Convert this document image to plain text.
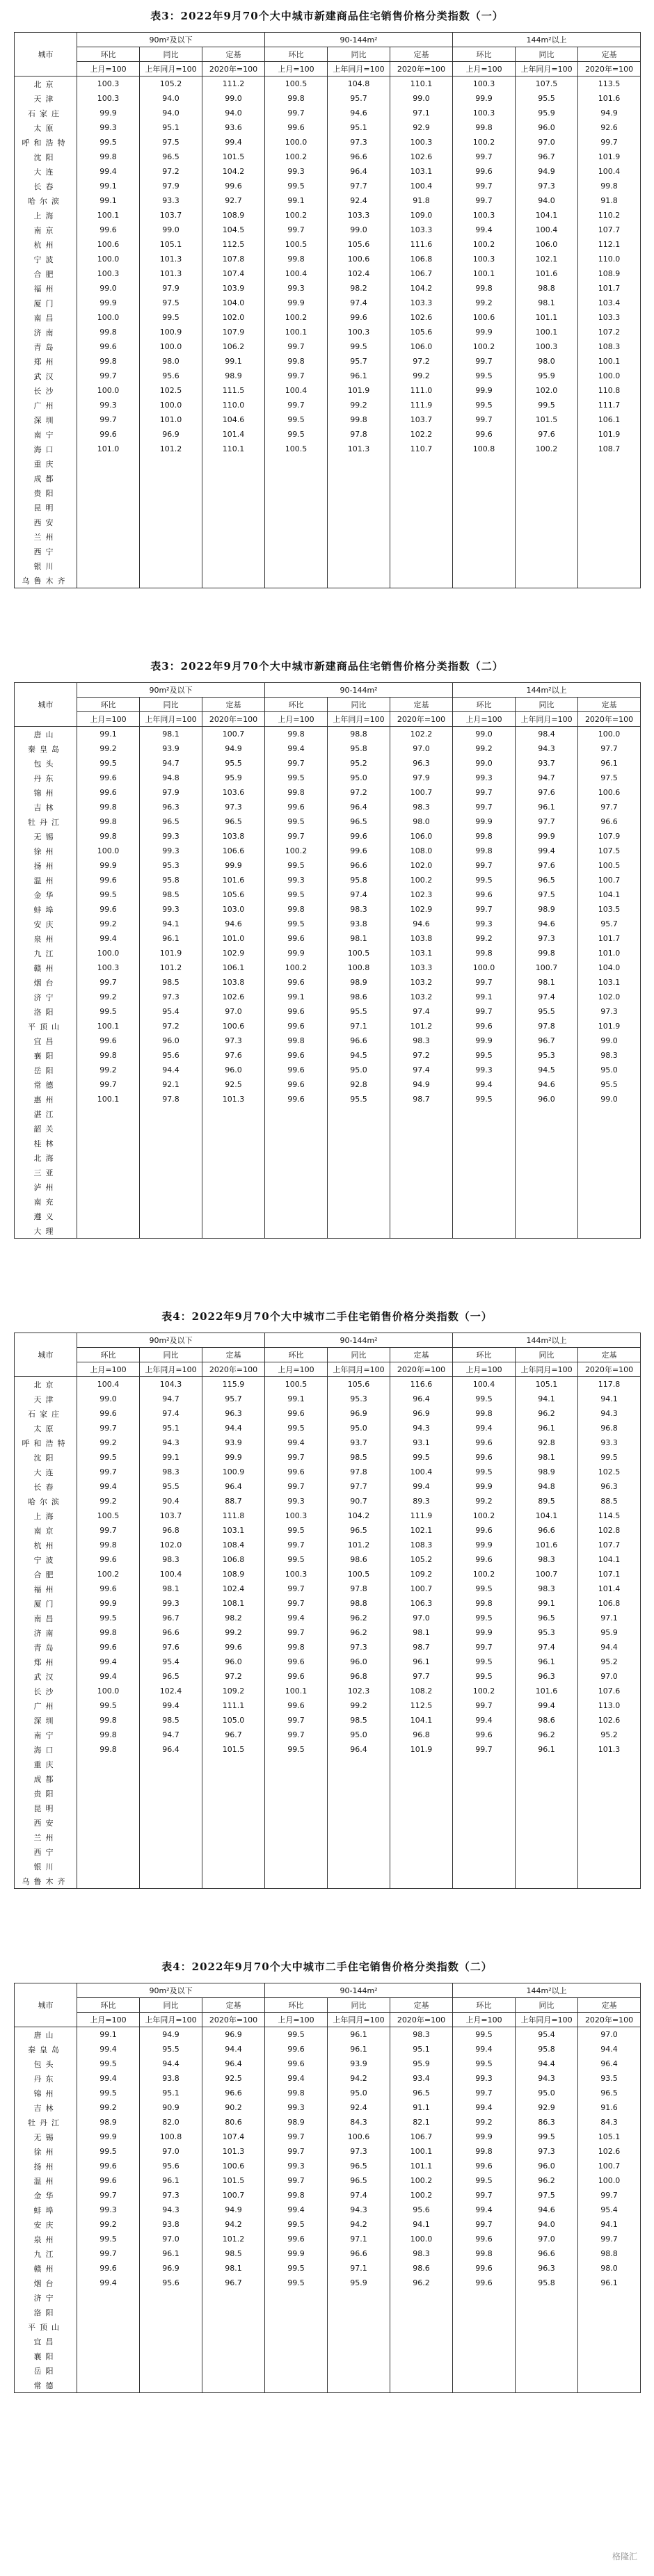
表3：2022年9月70个大中城市新建商品住宅销售价格分类指数（一）
城市	90m²及以下			90-144m²			144m²以上		
	环比	同比	定基	环比	同比	定基	环比	同比	定基
	上月=100	上年同月=100	2020年=100	上月=100	上年同月=100	2020年=100	上月=100	上年同月=100	2020年=100
北京	100.3	105.2	111.2	100.5	104.8	110.1	100.3	107.5	113.5
天津	100.3	94.0	99.0	99.8	95.7	99.0	99.9	95.5	101.6
石家庄	99.9	94.0	94.0	99.7	94.6	97.1	100.3	95.9	94.9
太原	99.3	95.1	93.6	99.6	95.1	92.9	99.8	96.0	92.6
呼和浩特	99.5	97.5	99.4	100.0	97.3	100.3	100.2	97.0	99.7
沈阳	99.8	96.5	101.5	100.2	96.6	102.6	99.7	96.7	101.9
大连	99.4	97.2	104.2	99.3	96.4	103.1	99.6	94.9	100.4
长春	99.1	97.9	99.6	99.5	97.7	100.4	99.7	97.3	99.8
哈尔滨	99.1	93.3	92.7	99.1	92.4	91.8	99.7	94.0	91.8
上海	100.1	103.7	108.9	100.2	103.3	109.0	100.3	104.1	110.2
南京	99.6	99.0	104.5	99.7	99.0	103.3	99.4	100.4	107.7
杭州	100.6	105.1	112.5	100.5	105.6	111.6	100.2	106.0	112.1
宁波	100.0	101.3	107.8	99.8	100.6	106.8	100.3	102.1	110.0
合肥	100.3	101.3	107.4	100.4	102.4	106.7	100.1	101.6	108.9
福州	99.0	97.9	103.9	99.3	98.2	104.2	99.8	98.8	101.7
厦门	99.9	97.5	104.0	99.9	97.4	103.3	99.2	98.1	103.4
南昌	100.0	99.5	102.0	100.2	99.6	102.6	100.6	101.1	103.3
济南	99.8	100.9	107.9	100.1	100.3	105.6	99.9	100.1	107.2
青岛	99.6	100.0	106.2	99.7	99.5	106.0	100.2	100.3	108.3
郑州	99.8	98.0	99.1	99.8	95.7	97.2	99.7	98.0	100.1
武汉	99.7	95.6	98.9	99.7	96.1	99.2	99.5	95.9	100.0
长沙	100.0	102.5	111.5	100.4	101.9	111.0	99.9	102.0	110.8
广州	99.3	100.0	110.0	99.7	99.2	111.9	99.5	99.5	111.7
深圳	99.7	101.0	104.6	99.5	99.8	103.7	99.7	101.5	106.1
南宁	99.6	96.9	101.4	99.5	97.8	102.2	99.6	97.6	101.9
海口	101.0	101.2	110.1	100.5	101.3	110.7	100.8	100.2	108.7
重庆									
成都									
贵阳									
昆明									
西安									
兰州									
西宁									
银川									
乌鲁木齐									
表3：2022年9月70个大中城市新建商品住宅销售价格分类指数（二）
城市	90m²及以下			90-144m²			144m²以上		
	环比	同比	定基	环比	同比	定基	环比	同比	定基
	上月=100	上年同月=100	2020年=100	上月=100	上年同月=100	2020年=100	上月=100	上年同月=100	2020年=100
唐山	99.1	98.1	100.7	99.8	98.8	102.2	99.0	98.4	100.0
秦皇岛	99.2	93.9	94.9	99.4	95.8	97.0	99.2	94.3	97.7
包头	99.5	94.7	95.5	99.7	95.2	96.3	99.0	93.7	96.1
丹东	99.6	94.8	95.9	99.5	95.0	97.9	99.3	94.7	97.5
锦州	99.6	97.9	103.6	99.8	97.2	100.7	99.7	97.6	100.6
吉林	99.8	96.3	97.3	99.6	96.4	98.3	99.7	96.1	97.7
牡丹江	99.8	96.5	96.5	99.5	96.5	98.0	99.9	97.7	96.6
无锡	99.8	99.3	103.8	99.7	99.6	106.0	99.8	99.9	107.9
徐州	100.0	99.3	106.6	100.2	99.6	108.0	99.8	99.4	107.5
扬州	99.9	95.3	99.9	99.5	96.6	102.0	99.7	97.6	100.5
温州	99.6	95.8	101.6	99.3	95.8	100.2	99.5	96.5	100.7
金华	99.5	98.5	105.6	99.5	97.4	102.3	99.6	97.5	104.1
蚌埠	99.6	99.3	103.0	99.8	98.3	102.9	99.7	98.9	103.5
安庆	99.2	94.1	94.6	99.5	93.8	94.6	99.3	94.6	95.7
泉州	99.4	96.1	101.0	99.6	98.1	103.8	99.2	97.3	101.7
九江	100.0	101.9	102.9	99.9	100.5	103.1	99.8	99.8	101.0
赣州	100.3	101.2	106.1	100.2	100.8	103.3	100.0	100.7	104.0
烟台	99.7	98.5	103.8	99.6	98.9	103.2	99.7	98.1	103.1
济宁	99.2	97.3	102.6	99.1	98.6	103.2	99.1	97.4	102.0
洛阳	99.5	95.4	97.0	99.6	95.5	97.4	99.7	95.5	97.3
平顶山	100.1	97.2	100.6	99.6	97.1	101.2	99.6	97.8	101.9
宜昌	99.6	96.0	97.3	99.8	96.6	98.3	99.9	96.7	99.0
襄阳	99.8	95.6	97.6	99.6	94.5	97.2	99.5	95.3	98.3
岳阳	99.2	94.4	96.0	99.6	95.0	97.4	99.3	94.5	95.0
常德	99.7	92.1	92.5	99.6	92.8	94.9	99.4	94.6	95.5
惠州	100.1	97.8	101.3	99.6	95.5	98.7	99.5	96.0	99.0
湛江									
韶关									
桂林									
北海									
三亚									
泸州									
南充									
遵义									
大理									
表4：2022年9月70个大中城市二手住宅销售价格分类指数（一）
城市	90m²及以下			90-144m²			144m²以上		
	环比	同比	定基	环比	同比	定基	环比	同比	定基
	上月=100	上年同月=100	2020年=100	上月=100	上年同月=100	2020年=100	上月=100	上年同月=100	2020年=100
北京	100.4	104.3	115.9	100.5	105.6	116.6	100.4	105.1	117.8
天津	99.0	94.7	95.7	99.1	95.3	96.4	99.5	94.1	94.1
石家庄	99.6	97.4	96.3	99.6	96.9	96.9	99.8	96.2	94.3
太原	99.7	95.1	94.4	99.5	95.0	94.3	99.4	96.1	96.8
呼和浩特	99.2	94.3	93.9	99.4	93.7	93.1	99.6	92.8	93.3
沈阳	99.5	99.1	99.9	99.7	98.5	99.5	99.6	98.1	99.5
大连	99.7	98.3	100.9	99.6	97.8	100.4	99.5	98.9	102.5
长春	99.4	95.5	96.4	99.7	97.7	99.4	99.9	94.8	96.3
哈尔滨	99.2	90.4	88.7	99.3	90.7	89.3	99.2	89.5	88.5
上海	100.5	103.7	111.8	100.3	104.2	111.9	100.2	104.1	114.5
南京	99.7	96.8	103.1	99.5	96.5	102.1	99.6	96.6	102.8
杭州	99.8	102.0	108.4	99.7	101.2	108.3	99.9	101.6	107.7
宁波	99.6	98.3	106.8	99.5	98.6	105.2	99.6	98.3	104.1
合肥	100.2	100.4	108.9	100.3	100.5	109.2	100.2	100.7	107.1
福州	99.6	98.1	102.4	99.7	97.8	100.7	99.5	98.3	101.4
厦门	99.9	99.3	108.1	99.7	98.8	106.3	99.8	99.1	106.8
南昌	99.5	96.7	98.2	99.4	96.2	97.0	99.5	96.5	97.1
济南	99.8	96.6	99.2	99.7	96.2	98.1	99.9	95.3	95.9
青岛	99.6	97.6	99.6	99.8	97.3	98.7	99.7	97.4	94.4
郑州	99.4	95.4	96.0	99.6	96.0	96.1	99.5	96.1	95.2
武汉	99.4	96.5	97.2	99.6	96.8	97.7	99.5	96.3	97.0
长沙	100.0	102.4	109.2	100.1	102.3	108.2	100.2	101.6	107.6
广州	99.5	99.4	111.1	99.6	99.2	112.5	99.7	99.4	113.0
深圳	99.8	98.5	105.0	99.7	98.5	104.1	99.4	98.6	102.6
南宁	99.8	94.7	96.7	99.7	95.0	96.8	99.6	96.2	95.2
海口	99.8	96.4	101.5	99.5	96.4	101.9	99.7	96.1	101.3
重庆									
成都									
贵阳									
昆明									
西安									
兰州									
西宁									
银川									
乌鲁木齐									
表4：2022年9月70个大中城市二手住宅销售价格分类指数（二）
城市	90m²及以下			90-144m²			144m²以上		
	环比	同比	定基	环比	同比	定基	环比	同比	定基
	上月=100	上年同月=100	2020年=100	上月=100	上年同月=100	2020年=100	上月=100	上年同月=100	2020年=100
唐山	99.1	94.9	96.9	99.5	96.1	98.3	99.5	95.4	97.0
秦皇岛	99.4	95.5	94.4	99.6	96.1	95.1	99.4	95.8	94.4
包头	99.5	94.4	96.4	99.6	93.9	95.9	99.5	94.4	96.4
丹东	99.4	93.8	92.5	99.4	94.2	93.4	99.3	94.3	93.5
锦州	99.5	95.1	96.6	99.8	95.0	96.5	99.7	95.0	96.5
吉林	99.2	90.9	90.2	99.3	92.4	91.1	99.4	92.9	91.6
牡丹江	98.9	82.0	80.6	98.9	84.3	82.1	99.2	86.3	84.3
无锡	99.9	100.8	107.4	99.7	100.6	106.7	99.9	99.5	105.1
徐州	99.5	97.0	101.3	99.7	97.3	100.1	99.8	97.3	102.6
扬州	99.6	95.6	100.6	99.3	96.5	101.1	99.6	96.0	100.7
温州	99.6	96.1	101.5	99.7	96.5	100.2	99.5	96.2	100.0
金华	99.7	97.3	100.7	99.8	97.4	100.2	99.7	97.5	99.7
蚌埠	99.3	94.3	94.9	99.4	94.3	95.6	99.4	94.6	95.4
安庆	99.2	93.8	94.2	99.5	94.2	94.1	99.7	94.0	94.1
泉州	99.5	97.0	101.2	99.6	97.1	100.0	99.6	97.0	99.7
九江	99.7	96.1	98.5	99.9	96.6	98.3	99.8	96.6	98.8
赣州	99.6	96.9	98.1	99.5	97.1	98.6	99.6	96.3	98.0
烟台	99.4	95.6	96.7	99.5	95.9	96.2	99.6	95.8	96.1
济宁									
洛阳									
平顶山									
宜昌									
襄阳									
岳阳									
常德									
格隆汇
